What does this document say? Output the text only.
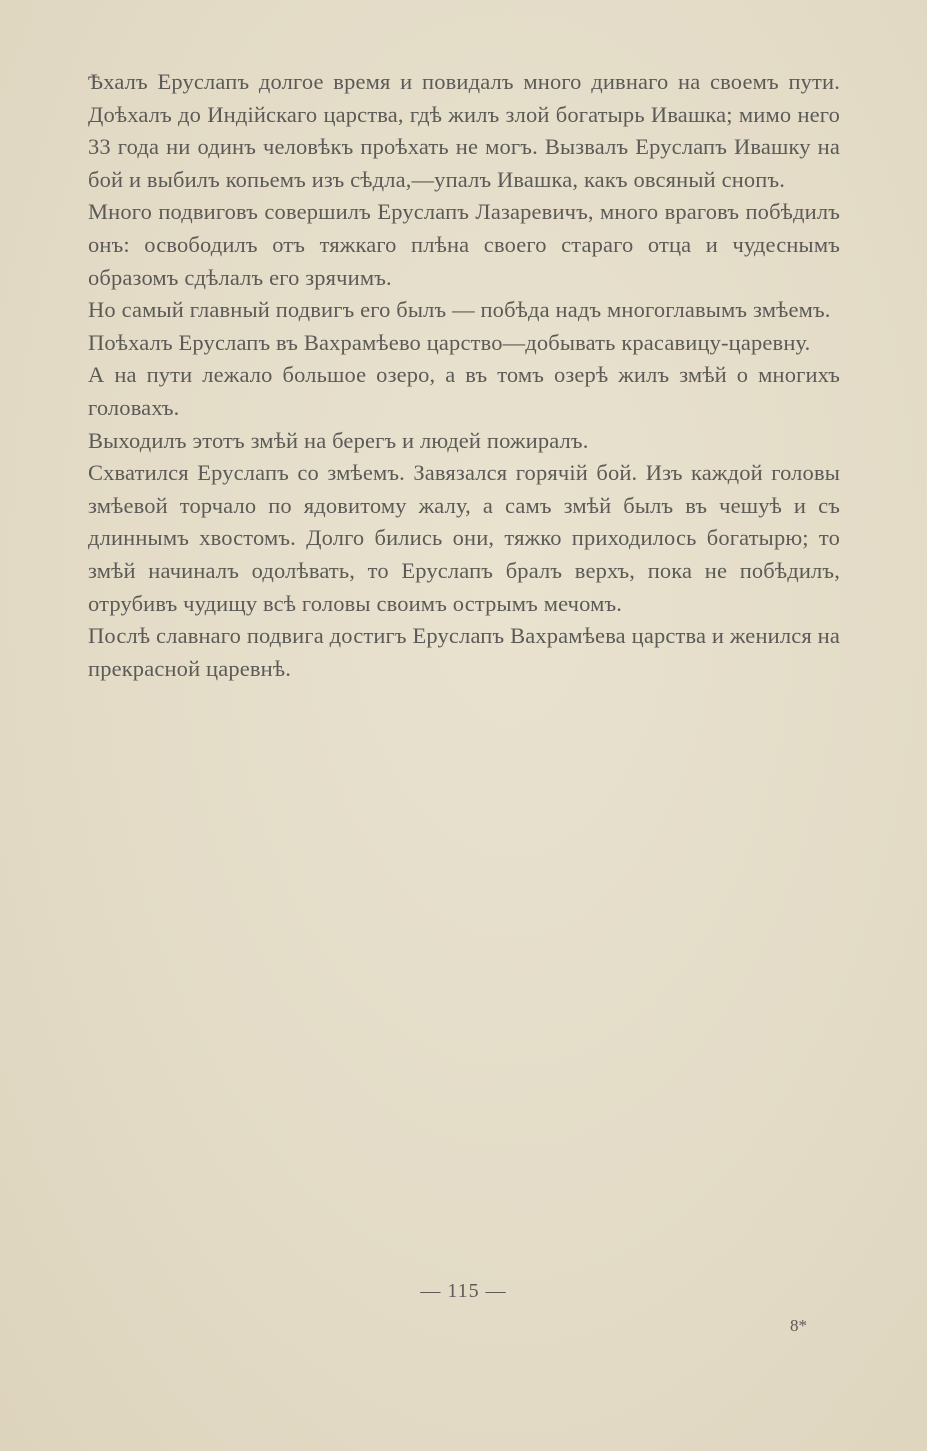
Ѣхалъ Еруслапъ долгое время и повидалъ много дивнаго на своемъ пути. Доѣхалъ до Индійскаго царства, гдѣ жилъ злой богатырь Ивашка; мимо него 33 года ни одинъ человѣкъ проѣхать не могъ. Вызвалъ Еруслапъ Ивашку на бой и выбилъ копьемъ изъ сѣдла,—упалъ Ивашка, какъ овсяный снопъ.

Много подвиговъ совершилъ Еруслапъ Лазаревичъ, много враговъ побѣдилъ онъ: освободилъ отъ тяжкаго плѣна своего стараго отца и чудеснымъ образомъ сдѣлалъ его зрячимъ.

Но самый главный подвигъ его былъ — побѣда надъ многоглавымъ змѣемъ.

Поѣхалъ Еруслапъ въ Вахрамѣево царство—добывать красавицу-царевну.

А на пути лежало большое озеро, а въ томъ озерѣ жилъ змѣй о многихъ головахъ.

Выходилъ этотъ змѣй на берегъ и людей пожиралъ.

Схватился Еруслапъ со змѣемъ. Завязался горячій бой. Изъ каждой головы змѣевой торчало по ядовитому жалу, а самъ змѣй былъ въ чешуѣ и съ длиннымъ хвостомъ. Долго бились они, тяжко приходилось богатырю; то змѣй начиналъ одолѣвать, то Еруслапъ бралъ верхъ, пока не побѣдилъ, отрубивъ чудищу всѣ головы своимъ острымъ мечомъ.

Послѣ славнаго подвига достигъ Еруслапъ Вахрамѣева царства и женился на прекрасной царевнѣ.

— 115 —
8*
